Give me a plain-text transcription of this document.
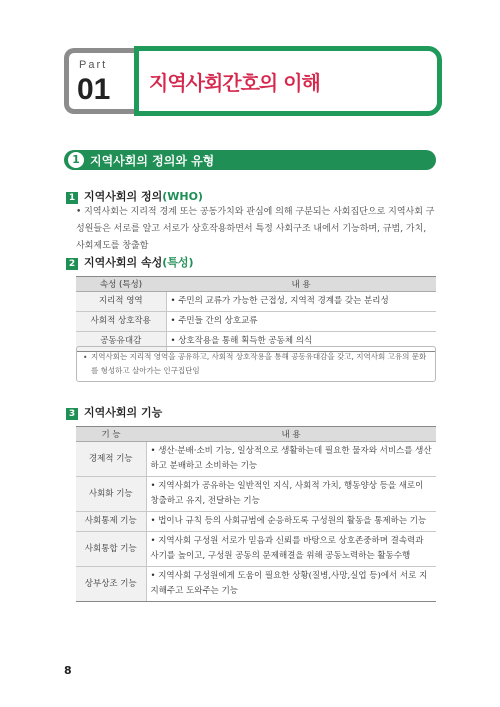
Part
01 지역사회간호의 이해
1 지역사회의 정의와 유형
1 지역사회의 정의(WHO)
• 지역사회는 지리적 경계 또는 공동가치와 관심에 의해 구분되는 사회집단으로 지역사회 구성원들은 서로를 알고 서로가 상호작용하면서 특정 사회구조 내에서 기능하며, 규범, 가치, 사회제도를 창출함
2 지역사회의 속성(특성)
속성 (특성)	내 용
지리적 영역	• 주민의 교류가 가능한 근접성, 지역적 경계를 갖는 분리성
사회적 상호작용	• 주민들 간의 상호교류
공동유대감	• 상호작용을 통해 획득한 공동체 의식
• 지역사회는 지리적 영역을 공유하고, 사회적 상호작용을 통해 공동유대감을 갖고, 지역사회 고유의 문화를 형성하고 살아가는 인구집단임
3 지역사회의 기능
기 능	내 용
경제적 기능	• 생산·분배·소비 기능, 일상적으로 생활하는데 필요한 물자와 서비스를 생산하고 분배하고 소비하는 기능
사회화 기능	• 지역사회가 공유하는 일반적인 지식, 사회적 가치, 행동양상 등을 새로이 창출하고 유지, 전달하는 기능
사회통제 기능	• 법이나 규칙 등의 사회규범에 순응하도록 구성원의 활동을 통제하는 기능
사회통합 기능	• 지역사회 구성원 서로가 믿음과 신뢰를 바탕으로 상호존중하며 결속력과 사기를 높이고, 구성원 공동의 문제해결을 위해 공동노력하는 활동수행
상부상조 기능	• 지역사회 구성원에게 도움이 필요한 상황(질병,사망,실업 등)에서 서로 지지해주고 도와주는 기능
8
